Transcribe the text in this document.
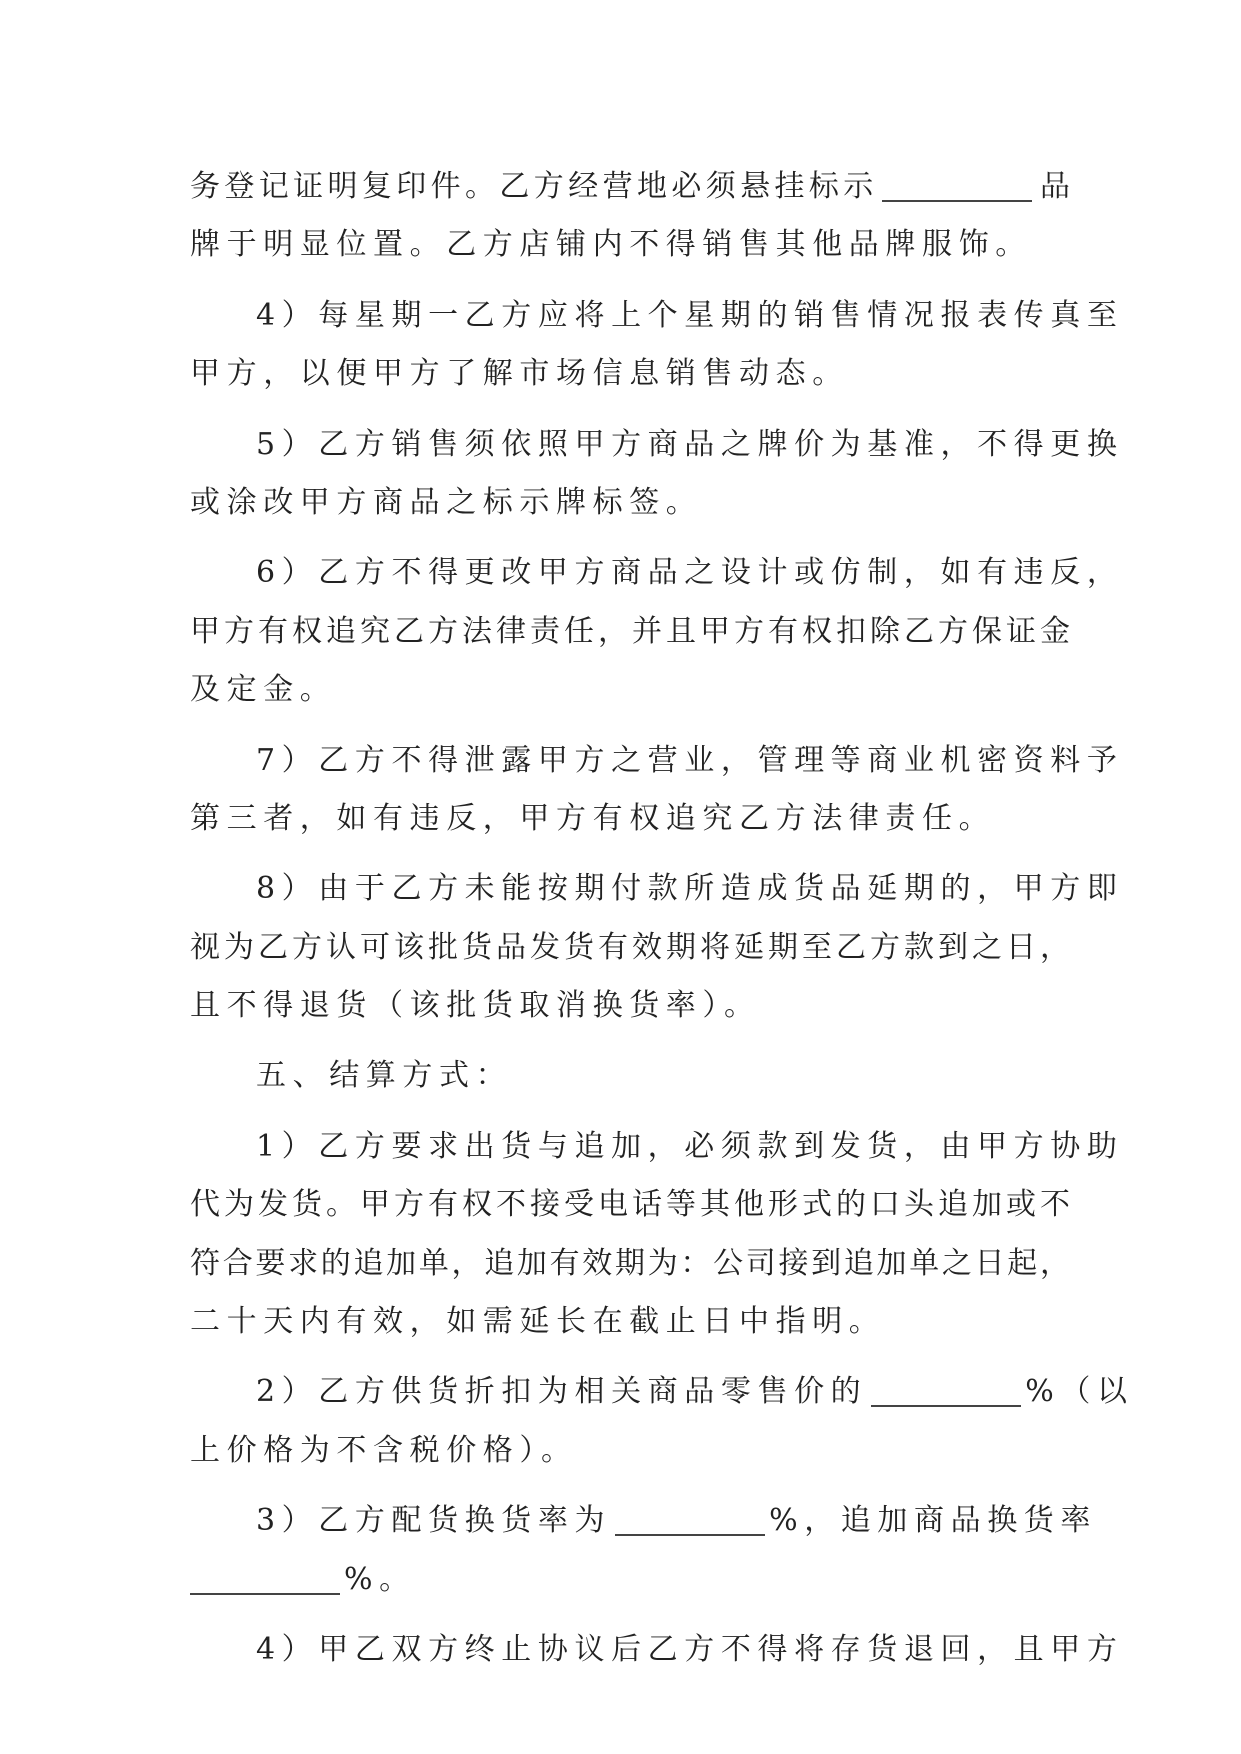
务登记证明复印件。乙方经营地必须悬挂标示	品
牌于明显位置。乙方店铺内不得销售其他品牌服饰。
4）每星期一乙方应将上个星期的销售情况报表传真至
甲方，以便甲方了解市场信息销售动态。
5）乙方销售须依照甲方商品之牌价为基准，不得更换
或涂改甲方商品之标示牌标签。
6）乙方不得更改甲方商品之设计或仿制，如有违反，
甲方有权追究乙方法律责任，并且甲方有权扣除乙方保证金
及定金。
7）乙方不得泄露甲方之营业，管理等商业机密资料予
第三者，如有违反，甲方有权追究乙方法律责任。
8）由于乙方未能按期付款所造成货品延期的，甲方即
视为乙方认可该批货品发货有效期将延期至乙方款到之日，
且不得退货（该批货取消换货率）。
五、结算方式：
1）乙方要求出货与追加，必须款到发货，由甲方协助
代为发货。甲方有权不接受电话等其他形式的口头追加或不
符合要求的追加单，追加有效期为：公司接到追加单之日起，
二十天内有效，如需延长在截止日中指明。
2）乙方供货折扣为相关商品零售价的	%（以
上价格为不含税价格）。
3）乙方配货换货率为	%，追加商品换货率
%。
4）甲乙双方终止协议后乙方不得将存货退回，且甲方
